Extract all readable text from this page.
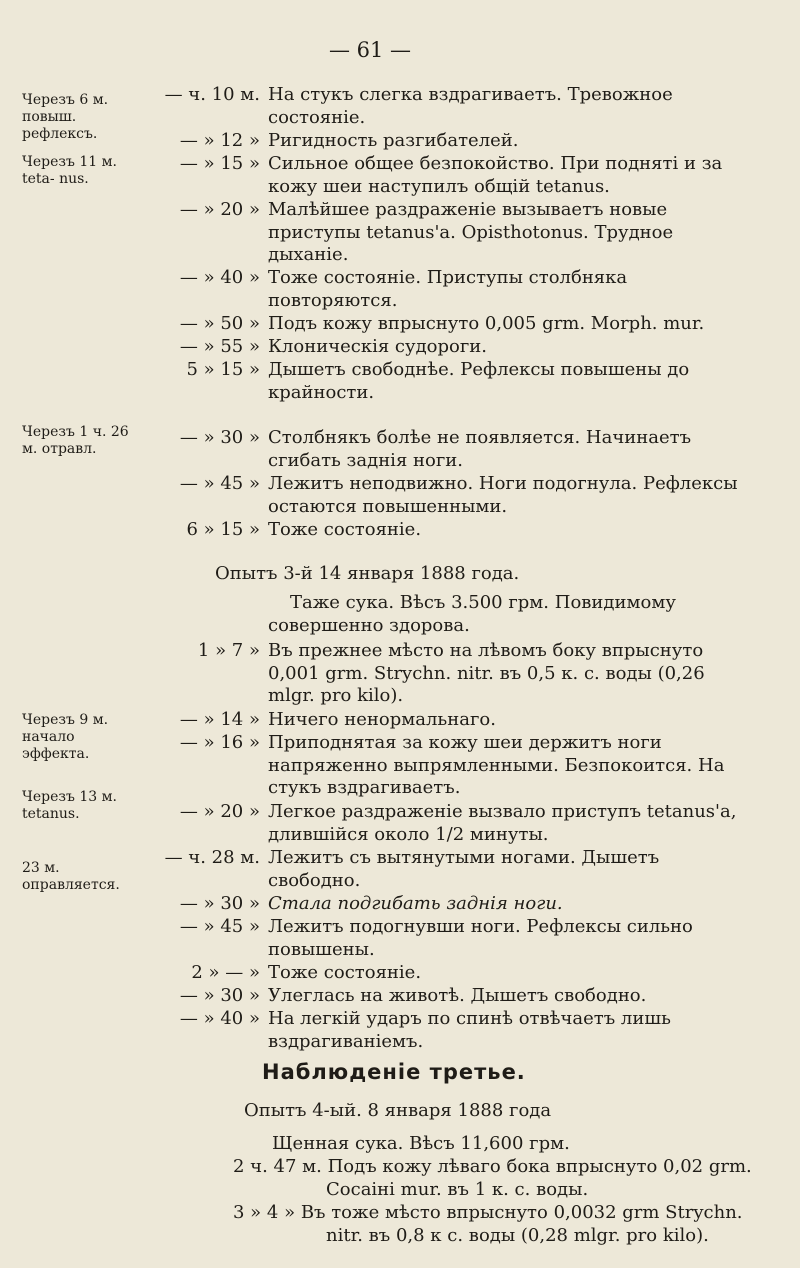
— 61 —
Черезъ 6 м. повыш. рефлексъ.
Черезъ 11 м. teta- nus.
Черезъ 1 ч. 26 м. отравл.
— ч. 10 м. На стукъ слегка вздрагиваетъ. Тревожное состояніе.
— » 12 » Ригидность разгибателей.
— » 15 » Сильное общее безпокойство. При подняті и за кожу шеи наступилъ общій tetanus.
— » 20 » Малѣйшее раздраженіе вызываетъ новые приступы tetanus'а. Opisthotonus. Трудное дыханіе.
— » 40 » Тоже состояніе. Приступы столбняка повторяются.
— » 50 » Подъ кожу впрыснуто 0,005 grm. Morph. mur.
— » 55 » Клоническія судороги.
5 » 15 » Дышетъ свободнѣе. Рефлексы повышены до крайности.
— » 30 » Столбнякъ болѣе не появляется. Начинаетъ сгибать заднія ноги.
— » 45 » Лежитъ неподвижно. Ноги подогнула. Рефлексы остаются повышенными.
6 » 15 » Тоже состояніе.
Опытъ 3-й 14 января 1888 года.
Таже сука. Вѣсъ 3.500 грм. Повидимому совершенно здорова.
Черезъ 9 м. начало эффекта.
Черезъ 13 м. tetanus.
23 м. оправляется.
1 » 7 » Въ прежнее мѣсто на лѣвомъ боку впрыснуто 0,001 grm. Strychn. nitr. въ 0,5 к. с. воды (0,26 mlgr. pro kilo).
— » 14 » Ничего ненормальнаго.
— » 16 » Приподнятая за кожу шеи держитъ ноги напряженно выпрямленными. Безпокоится. На стукъ вздрагиваетъ.
— » 20 » Легкое раздраженіе вызвало приступъ tetanus'а, длившійся около 1/2 минуты.
— ч. 28 м. Лежитъ съ вытянутыми ногами. Дышетъ свободно.
— » 30 » Стала подгибать заднія ноги.
— » 45 » Лежитъ подогнувши ноги. Рефлексы сильно повышены.
2 » — » Тоже состояніе.
— » 30 » Улеглась на животѣ. Дышетъ свободно.
— » 40 » На легкій ударъ по спинѣ отвѣчаетъ лишь вздрагиваніемъ.
Наблюденіе третье.
Опытъ 4-ый. 8 января 1888 года
Щенная сука. Вѣсъ 11,600 грм.
2 ч. 47 м. Подъ кожу лѣваго бока впрыснуто 0,02 grm.
Сосаіні mur. въ 1 к. с. воды.
3 » 4 » Въ тоже мѣсто впрыснуто 0,0032 grm Strychn.
nitr. въ 0,8 к с. воды (0,28 mlgr. pro kilo).
